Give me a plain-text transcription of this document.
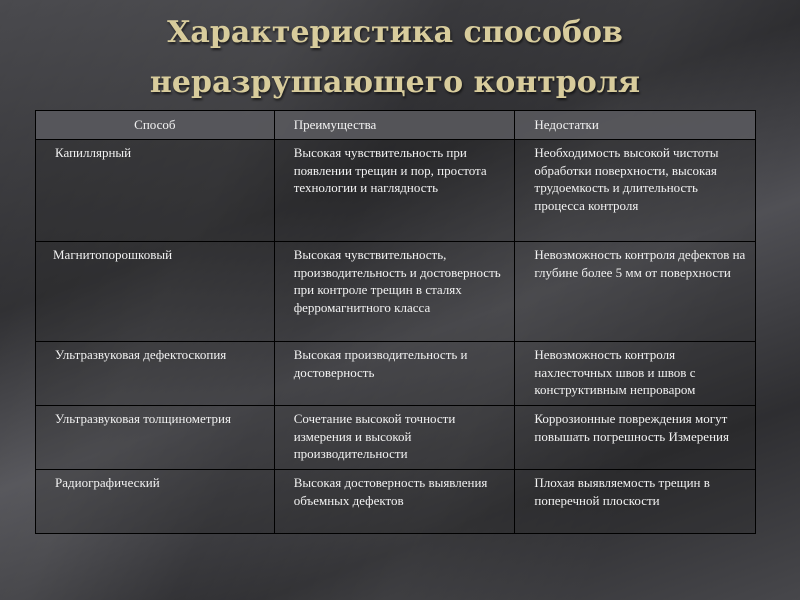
Характеристика способов
неразрушающего контроля
Способ	Преимущества	Недостатки
Капиллярный	Высокая чувствительность при появлении трещин и пор, простота технологии и наглядность	Необходимость высокой чистоты обработки поверхности, высокая трудоемкость и длительность процесса контроля
Магнитопорошковый	Высокая чувствительность, производительность и достоверность при контроле трещин в сталях ферромагнитного класса	Невозможность контроля дефектов на глубине более 5 мм от поверхности
Ультразвуковая дефектоскопия	Высокая производительность и достоверность	Невозможность контроля нахлесточных швов и швов с конструктивным непроваром
Ультразвуковая толщинометрия	Сочетание высокой точности измерения и высокой производительности	Коррозионные повреждения могут повышать погрешность Измерения
Радиографический	Высокая достоверность выявления объемных дефектов	Плохая выявляемость трещин в поперечной плоскости
